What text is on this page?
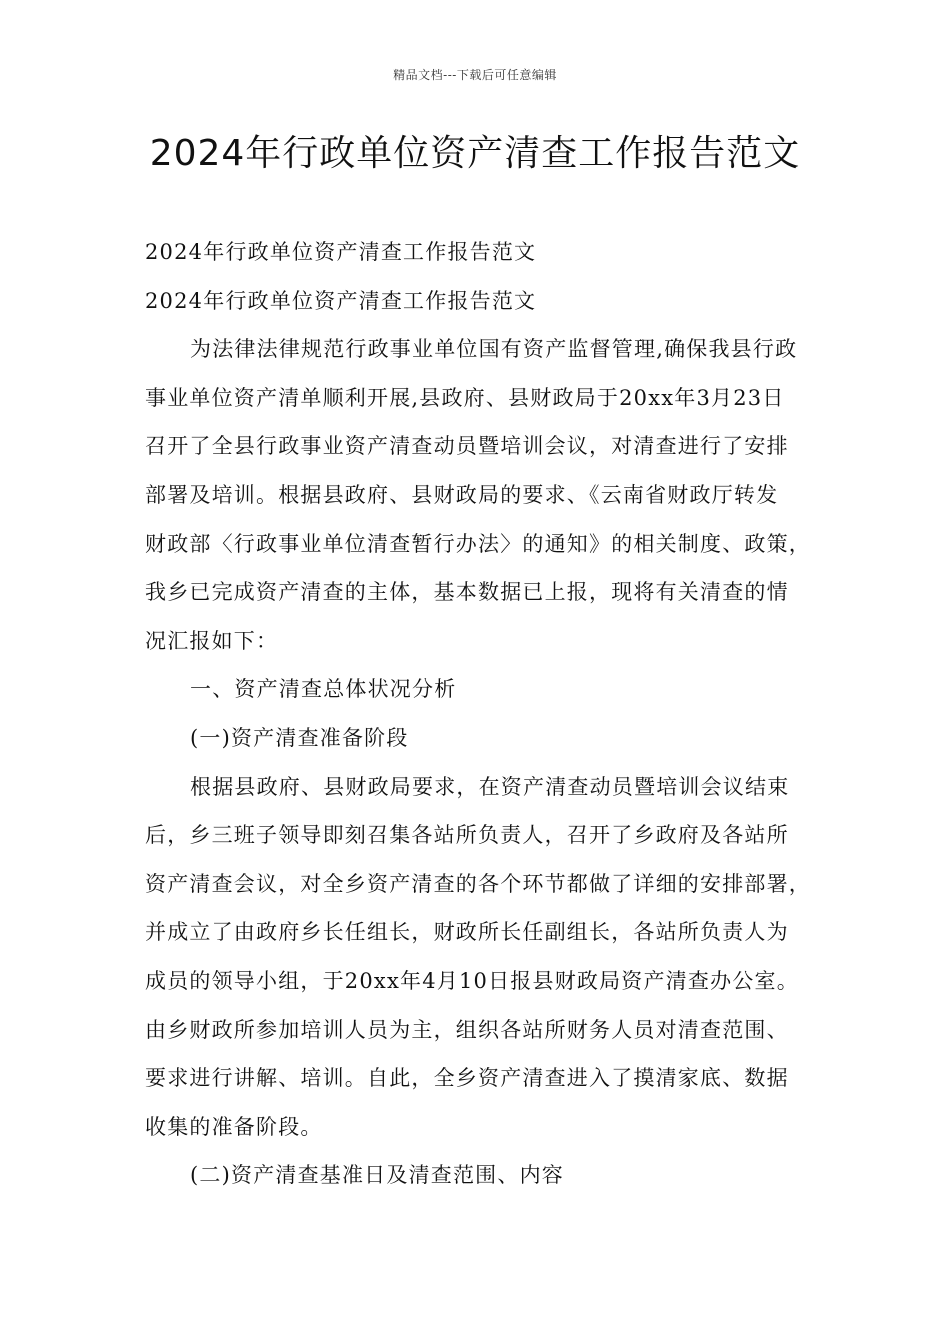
精品文档---下载后可任意编辑
2024年行政单位资产清查工作报告范文
2024年行政单位资产清查工作报告范文
2024年行政单位资产清查工作报告范文
为法律法律规范行政事业单位国有资产监督管理,确保我县行政
事业单位资产清单顺利开展,县政府、县财政局于20xx年3月23日
召开了全县行政事业资产清查动员暨培训会议，对清查进行了安排
部署及培训。根据县政府、县财政局的要求、《云南省财政厅转发
财政部〈行政事业单位清查暂行办法〉的通知》的相关制度、政策，
我乡已完成资产清查的主体，基本数据已上报，现将有关清查的情
况汇报如下：
一、资产清查总体状况分析
(一)资产清查准备阶段
根据县政府、县财政局要求，在资产清查动员暨培训会议结束
后，乡三班子领导即刻召集各站所负责人，召开了乡政府及各站所
资产清查会议，对全乡资产清查的各个环节都做了详细的安排部署，
并成立了由政府乡长任组长，财政所长任副组长，各站所负责人为
成员的领导小组，于20xx年4月10日报县财政局资产清查办公室。
由乡财政所参加培训人员为主，组织各站所财务人员对清查范围、
要求进行讲解、培训。自此，全乡资产清查进入了摸清家底、数据
收集的准备阶段。
(二)资产清查基准日及清查范围、内容
